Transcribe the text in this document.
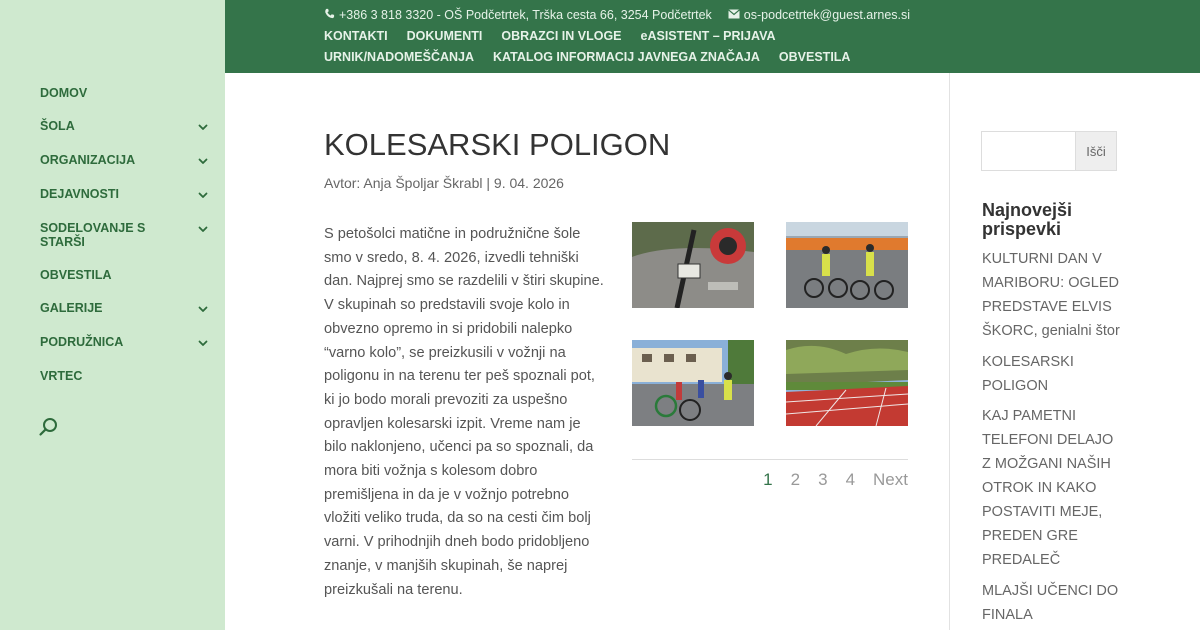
DOMOV
ŠOLA
ORGANIZACIJA
DEJAVNOSTI
SODELOVANJE S STARŠI
OBVESTILA
GALERIJE
PODRUŽNICA
VRTEC
+386 3 818 3320 - OŠ Podčetrtek, Trška cesta 66, 3254 Podčetrtek	os-podcetrtek@guest.arnes.si
KONTAKTI DOKUMENTI OBRAZCI IN VLOGE eASISTENT – PRIJAVA
URNIK/NADOMEŠČANJA KATALOG INFORMACIJ JAVNEGA ZNAČAJA OBVESTILA
KOLESARSKI POLIGON
Avtor: Anja Špoljar Škrabl | 9. 04. 2026

S petošolci matične in podružnične šole smo v sredo, 8. 4. 2026, izvedli tehniški dan. Najprej smo se razdelili v štiri skupine. V skupinah so predstavili svoje kolo in obvezno opremo in si pridobili nalepko “varno kolo”, se preizkusili v vožnji na poligonu in na terenu ter peš spoznali pot, ki jo bodo morali prevoziti za uspešno opravljen kolesarski izpit. Vreme nam je bilo naklonjeno, učenci pa so spoznali, da mora biti vožnja s kolesom dobro premišljena in da je v vožnjo potrebno vložiti veliko truda, da so na cesti čim bolj varni. V prihodnjih dneh bodo pridobljeno znanje, v manjših skupinah, še naprej preizkušali na terenu.

1 2 3 4 Next
Išči
Najnovejši prispevki
KULTURNI DAN V MARIBORU: OGLED PREDSTAVE ELVIS ŠKORC, genialni štor
KOLESARSKI POLIGON
KAJ PAMETNI TELEFONI DELAJO Z MOŽGANI NAŠIH OTROK IN KAKO POSTAVITI MEJE, PREDEN GRE PREDALEČ
MLAJŠI UČENCI DO FINALA
